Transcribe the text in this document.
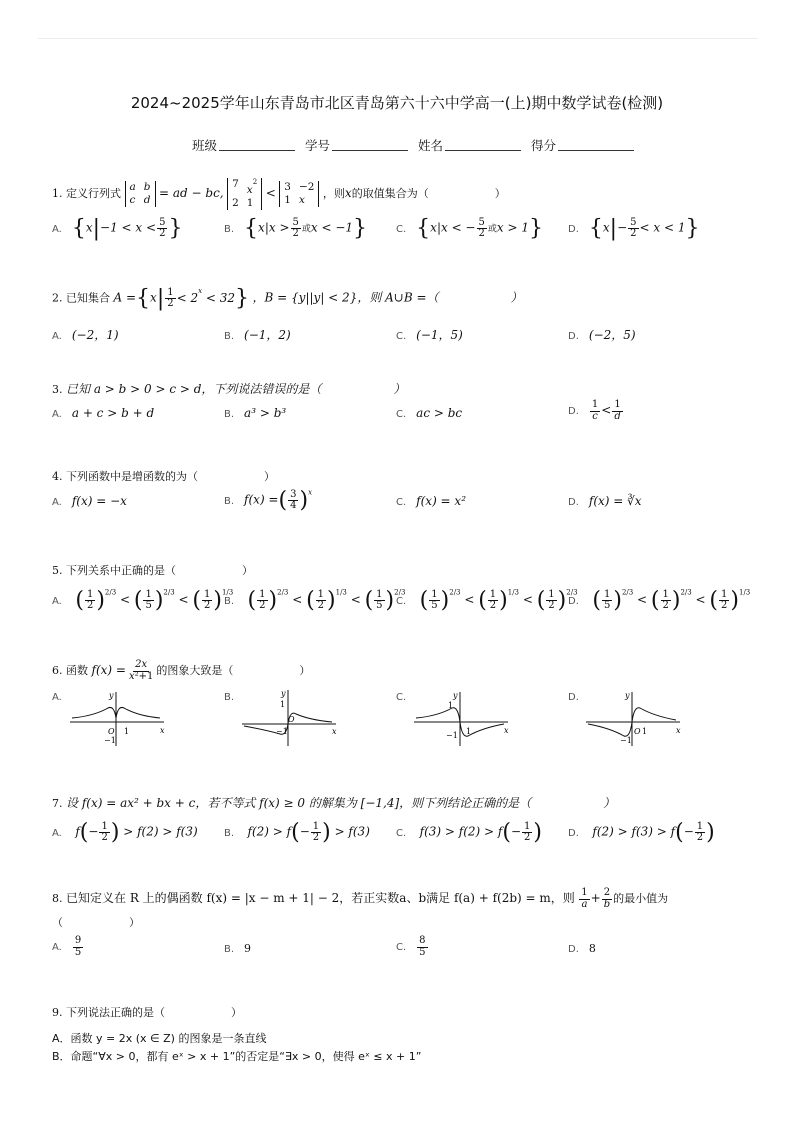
2024~2025学年山东青岛市北区青岛第六十六中学高一(上)期中数学试卷(检测)
班级	学号	姓名	得分
1. 定义行列式
a b
c d = ad − bc,
7 $x^2$
2 1
< 3 −2
1 x	，则x的取值集合为（　　　　　　）
A. {$x|-1 < x < \frac{5}{2}$ }	B. {$x|x > \frac{5}{2}$ 或x < −1}	C. {x|x < − $\frac{5}{2}$ 或x > 1}	D. $\{x|- \frac{5}{2} < x < 1\}$
2. 已知集合 $A =\{x| \frac{1}{2} < 2^x < 32\}$ ，B = {y||y| < 2}，则 A∪B =（　　　　　　）
A. (−2，1)	B. (−1，2)	C. (−1，5)	D. (−2，5)
3. 已知 a > b > 0 > c > d，下列说法错误的是（　　　　　　）
A. a + c > b + d	B. a³ > b³	C. ac > bc	D. $\frac{1}{c} < \frac{1}{d}$
4. 下列函数中是增函数的为（　　　　　　）
A. f(x) = −x	B. f(x) =( $\frac{3}{4} )^x$
C. f(x) = x²	D. f(x) = ∛x
5. 下列关系中正确的是（　　　　　　）
A. ( $\frac{1}{2} )^{2/3}$ < ( $\frac{1}{5} )^{2/3}$ < ( $\frac{1}{2} )^{1/3}$
B. ( $\frac{1}{2} )^{2/3}$ < ( $\frac{1}{2} )^{1/3}$ < ( $\frac{1}{5} )^{2/3}$
C. ( $\frac{1}{5} )^{2/3}$ < ( $\frac{1}{2} )^{1/3}$ < ( $\frac{1}{2} )^{2/3}$
D. ( $\frac{1}{5} )^{2/3}$ < ( $\frac{1}{2} )^{2/3}$ < ( $\frac{1}{2} )^{1/3}$
6. 函数 $f(x) = \frac{2x}{\text{x²+1}}$ 的图象大致是（　　　　　　）
A.	y
x
O 1
−1
B.	y
x
O
1
−1
C.	y
x
1
−1 1
D.	y
x
O 1
−1
7. 设 f(x) = ax² + bx + c，若不等式 f(x) ≥ 0 的解集为 [−1,4]，则下列结论正确的是（　　　　　　）
A. $f(- \frac{1}{2}$ ) > f(2) > f(3)	B. $f(2) > f(- \frac{1}{2}$ ) > f(3)	C. $f(3) > f(2) > f(- \frac{1}{2}$ )	D. $f(2) > f(3) > f(- \frac{1}{2}$ )
8. 已知定义在 R 上的偶函数 f(x) = |x − m + 1| − 2，若正实数a、b满足 f(a) + f(2b) = m，则 $\frac{1}{a} + \frac{2}{b}$ 的最小值为
（　　　　　　）
A. $\frac{9}{5}$	B. 9	C. $\frac{8}{5}$	D. 8
9. 下列说法正确的是（　　　　　　）
A．函数 y = 2x (x ∈ Z) 的图象是一条直线
B．命题“∀x > 0，都有 eˣ > x + 1”的否定是“∃x > 0，使得 eˣ ≤ x + 1”
